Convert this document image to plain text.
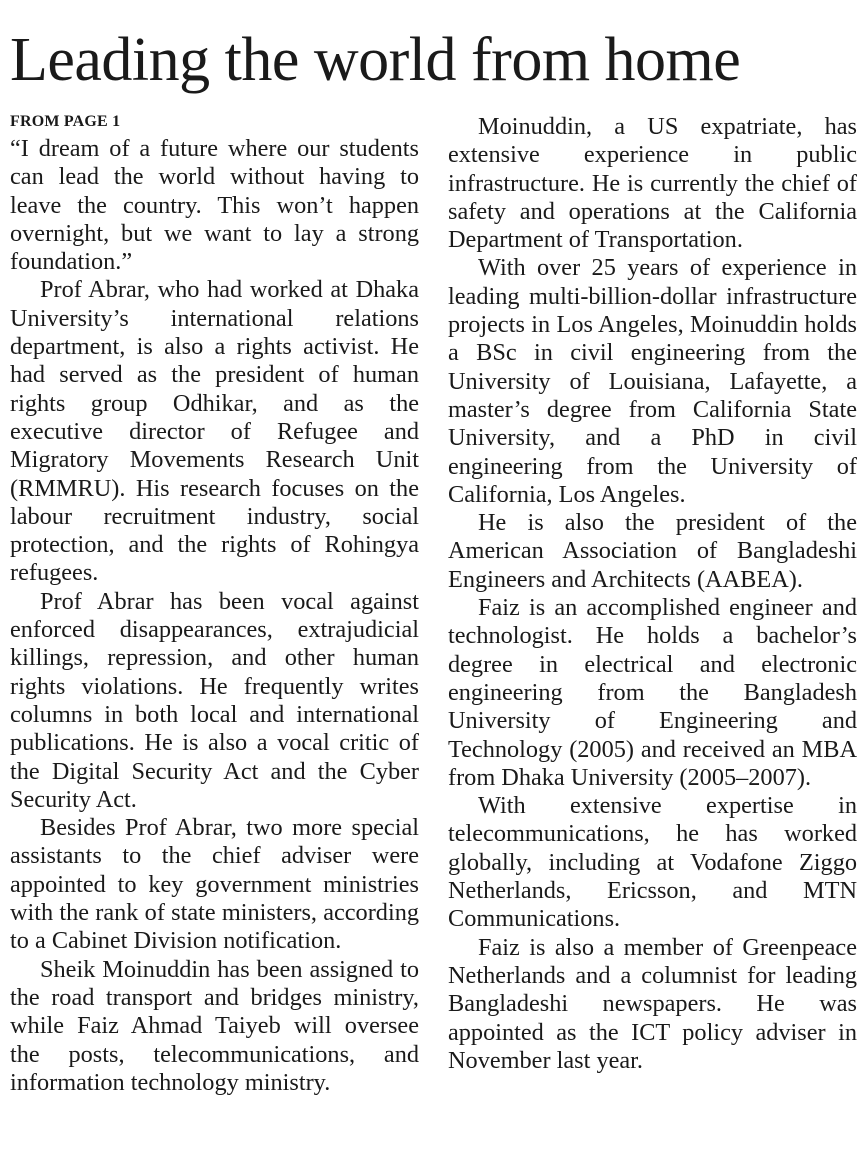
Leading the world from home
FROM PAGE 1

“I dream of a future where our students can lead the world without having to leave the country. This won’t happen overnight, but we want to lay a strong foundation.”

Prof Abrar, who had worked at Dhaka University’s international relations department, is also a rights activist. He had served as the president of human rights group Odhikar, and as the executive director of Refugee and Migratory Movements Research Unit (RMMRU). His research focuses on the labour recruitment industry, social protection, and the rights of Rohingya refugees.

Prof Abrar has been vocal against enforced disappearances, extrajudicial killings, repression, and other human rights violations. He frequently writes columns in both local and international publications. He is also a vocal critic of the Digital Security Act and the Cyber Security Act.

Besides Prof Abrar, two more special assistants to the chief adviser were appointed to key government ministries with the rank of state ministers, according to a Cabinet Division notification.

Sheik Moinuddin has been assigned to the road transport and bridges ministry, while Faiz Ahmad Taiyeb will oversee the posts, telecommunications, and information technology ministry.

Moinuddin, a US expatriate, has extensive experience in public infrastructure. He is currently the chief of safety and operations at the California Department of Transportation.

With over 25 years of experience in leading multi-billion-dollar infrastructure projects in Los Angeles, Moinuddin holds a BSc in civil engineering from the University of Louisiana, Lafayette, a master’s degree from California State University, and a PhD in civil engineering from the University of California, Los Angeles.

He is also the president of the American Association of Bangladeshi Engineers and Architects (AABEA).

Faiz is an accomplished engineer and technologist. He holds a bachelor’s degree in electrical and electronic engineering from the Bangladesh University of Engineering and Technology (2005) and received an MBA from Dhaka University (2005–2007).

With extensive expertise in telecommunications, he has worked globally, including at Vodafone Ziggo Netherlands, Ericsson, and MTN Communications.

Faiz is also a member of Greenpeace Netherlands and a columnist for leading Bangladeshi newspapers. He was appointed as the ICT policy adviser in November last year.
